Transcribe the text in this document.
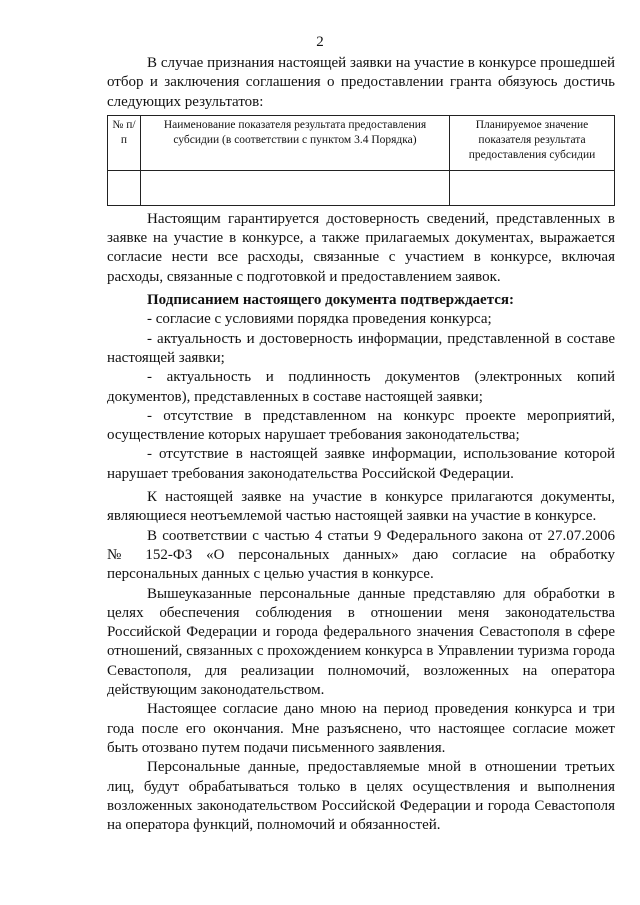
2

В случае признания настоящей заявки на участие в конкурсе прошедшей отбор и заключения соглашения о предоставлении гранта обязуюсь достичь следующих результатов:

№ п/п	Наименование показателя результата предоставления субсидии (в соответствии с пунктом 3.4 Порядка)	Планируемое значение показателя результата предоставления субсидии

Настоящим гарантируется достоверность сведений, представленных в заявке на участие в конкурсе, а также прилагаемых документах, выражается согласие нести все расходы, связанные с участием в конкурсе, включая расходы, связанные с подготовкой и предоставлением заявок.

Подписанием настоящего документа подтверждается:

- согласие с условиями порядка проведения конкурса;

- актуальность и достоверность информации, представленной в составе настоящей заявки;

- актуальность и подлинность документов (электронных копий документов), представленных в составе настоящей заявки;

- отсутствие в представленном на конкурс проекте мероприятий, осуществление которых нарушает требования законодательства;

- отсутствие в настоящей заявке информации, использование которой нарушает требования законодательства Российской Федерации.

К настоящей заявке на участие в конкурсе прилагаются документы, являющиеся неотъемлемой частью настоящей заявки на участие в конкурсе.

В соответствии с частью 4 статьи 9 Федерального закона от 27.07.2006 № 152-ФЗ «О персональных данных» даю согласие на обработку персональных данных с целью участия в конкурсе.

Вышеуказанные персональные данные представляю для обработки в целях обеспечения соблюдения в отношении меня законодательства Российской Федерации и города федерального значения Севастополя в сфере отношений, связанных с прохождением конкурса в Управлении туризма города Севастополя, для реализации полномочий, возложенных на оператора действующим законодательством.

Настоящее согласие дано мною на период проведения конкурса и три года после его окончания. Мне разъяснено, что настоящее согласие может быть отозвано путем подачи письменного заявления.

Персональные данные, предоставляемые мной в отношении третьих лиц, будут обрабатываться только в целях осуществления и выполнения возложенных законодательством Российской Федерации и города Севастополя на оператора функций, полномочий и обязанностей.
